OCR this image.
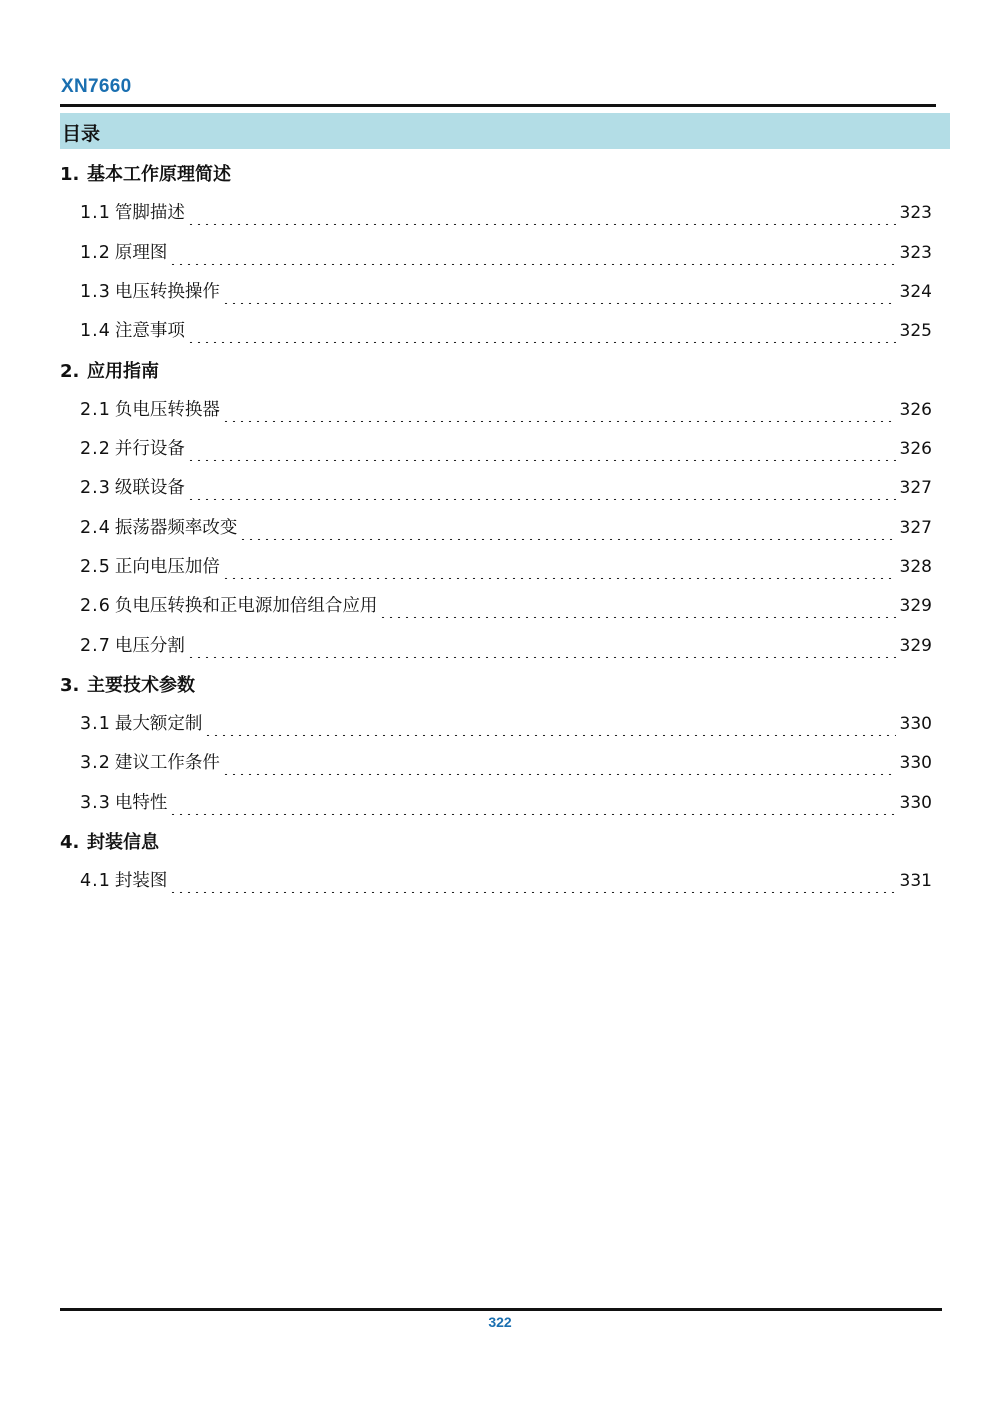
XN7660
目录
1. 基本工作原理简述
1.1 管脚描述	323
1.2 原理图	323
1.3 电压转换操作	324
1.4 注意事项	325
2. 应用指南
2.1 负电压转换器	326
2.2 并行设备	326
2.3 级联设备	327
2.4 振荡器频率改变	327
2.5 正向电压加倍	328
2.6 负电压转换和正电源加倍组合应用	329
2.7 电压分割	329
3. 主要技术参数
3.1 最大额定制	330
3.2 建议工作条件	330
3.3 电特性	330
4. 封装信息
4.1 封装图	331
322
